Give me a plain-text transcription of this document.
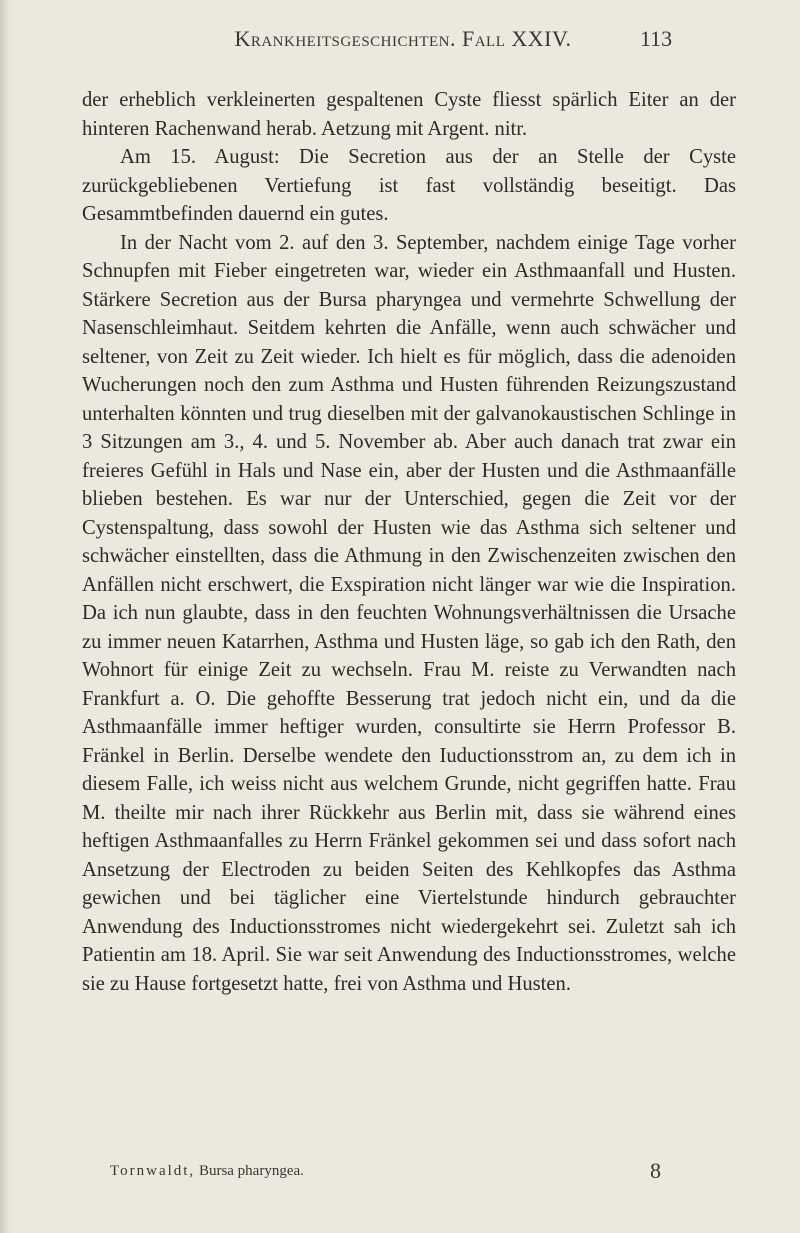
Krankheitsgeschichten. Fall XXIV.	113

der erheblich verkleinerten gespaltenen Cyste fliesst spärlich Eiter an der hinteren Rachenwand herab. Aetzung mit Argent. nitr.

Am 15. August: Die Secretion aus der an Stelle der Cyste zurückgebliebenen Vertiefung ist fast vollständig beseitigt. Das Gesammtbefinden dauernd ein gutes.

In der Nacht vom 2. auf den 3. September, nachdem einige Tage vorher Schnupfen mit Fieber eingetreten war, wieder ein Asthmaanfall und Husten. Stärkere Secretion aus der Bursa pharyngea und vermehrte Schwellung der Nasenschleimhaut. Seitdem kehrten die Anfälle, wenn auch schwächer und seltener, von Zeit zu Zeit wieder. Ich hielt es für möglich, dass die adenoiden Wucherungen noch den zum Asthma und Husten führenden Reizungszustand unterhalten könnten und trug dieselben mit der galvanokaustischen Schlinge in 3 Sitzungen am 3., 4. und 5. November ab. Aber auch danach trat zwar ein freieres Gefühl in Hals und Nase ein, aber der Husten und die Asthmaanfälle blieben bestehen. Es war nur der Unterschied, gegen die Zeit vor der Cystenspaltung, dass sowohl der Husten wie das Asthma sich seltener und schwächer einstellten, dass die Athmung in den Zwischenzeiten zwischen den Anfällen nicht erschwert, die Exspiration nicht länger war wie die Inspiration. Da ich nun glaubte, dass in den feuchten Wohnungsverhältnissen die Ursache zu immer neuen Katarrhen, Asthma und Husten läge, so gab ich den Rath, den Wohnort für einige Zeit zu wechseln. Frau M. reiste zu Verwandten nach Frankfurt a. O. Die gehoffte Besserung trat jedoch nicht ein, und da die Asthmaanfälle immer heftiger wurden, consultirte sie Herrn Professor B. Fränkel in Berlin. Derselbe wendete den Iuductionsstrom an, zu dem ich in diesem Falle, ich weiss nicht aus welchem Grunde, nicht gegriffen hatte. Frau M. theilte mir nach ihrer Rückkehr aus Berlin mit, dass sie während eines heftigen Asthmaanfalles zu Herrn Fränkel gekommen sei und dass sofort nach Ansetzung der Electroden zu beiden Seiten des Kehlkopfes das Asthma gewichen und bei täglicher eine Viertelstunde hindurch gebrauchter Anwendung des Inductionsstromes nicht wiedergekehrt sei. Zuletzt sah ich Patientin am 18. April. Sie war seit Anwendung des Inductionsstromes, welche sie zu Hause fortgesetzt hatte, frei von Asthma und Husten.

Tornwaldt, Bursa pharyngea.	8
